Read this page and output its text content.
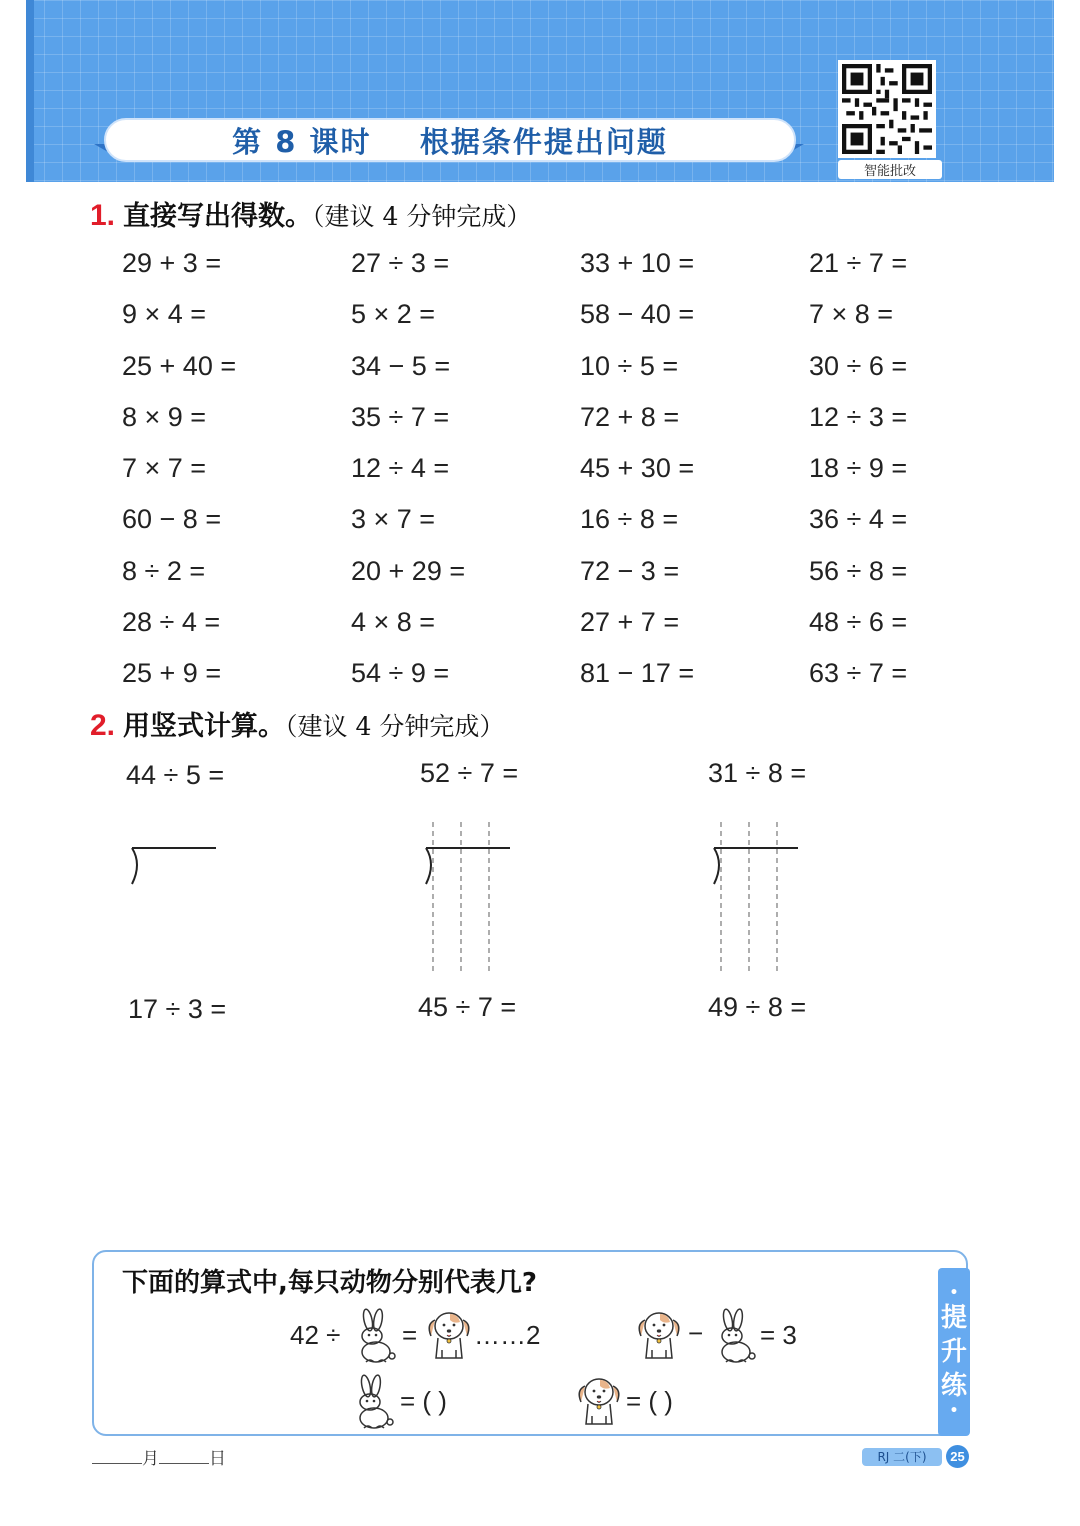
第 8 课时    根据条件提出问题
智能批改
1. 直接写出得数。（建议 4 分钟完成）
29 + 3 =	27 ÷ 3 =	33 + 10 =	21 ÷ 7 =
9 × 4 =	5 × 2 =	58 − 40 =	7 × 8 =
25 + 40 =	34 − 5 =	10 ÷ 5 =	30 ÷ 6 =
8 × 9 =	35 ÷ 7 =	72 + 8 =	12 ÷ 3 =
7 × 7 =	12 ÷ 4 =	45 + 30 =	18 ÷ 9 =
60 − 8 =	3 × 7 =	16 ÷ 8 =	36 ÷ 4 =
8 ÷ 2 =	20 + 29 =	72 − 3 =	56 ÷ 8 =
28 ÷ 4 =	4 × 8 =	27 + 7 =	48 ÷ 6 =
25 + 9 =	54 ÷ 9 =	81 − 17 =	63 ÷ 7 =
2. 用竖式计算。（建议 4 分钟完成）
44 ÷ 5 =	52 ÷ 7 =	31 ÷ 8 =
17 ÷ 3 =	45 ÷ 7 =	49 ÷ 8 =
•
提
升
练
•
下面的算式中,每只动物分别代表几?
42 ÷ = ……2	− = 3
= ( )	= ( )
月	日	RJ 二(下)	25
